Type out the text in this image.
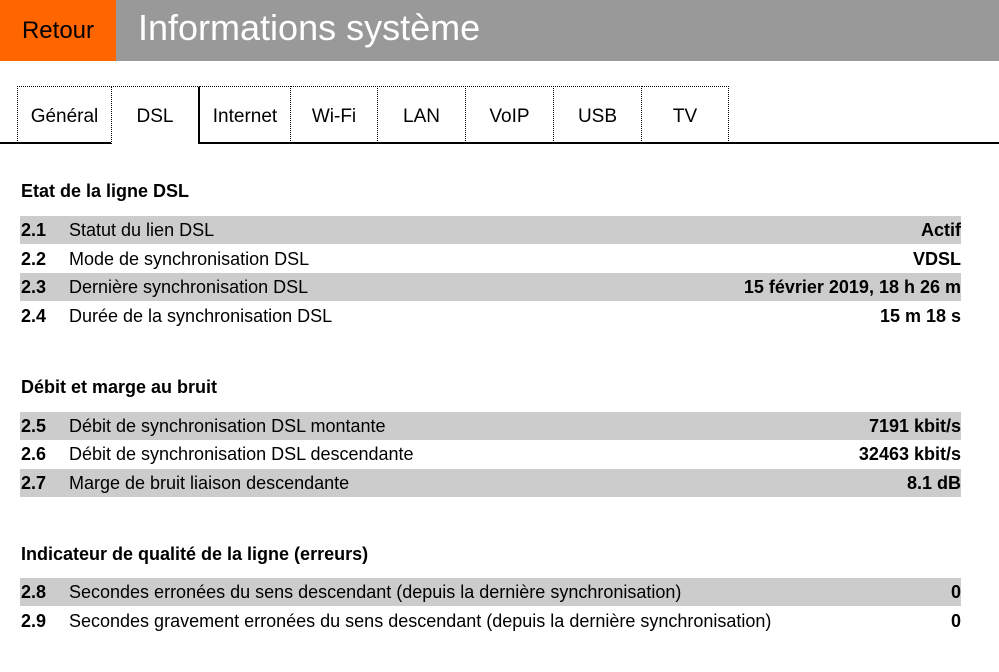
Retour	Informations système
Général	DSL	Internet	Wi-Fi	LAN	VoIP	USB	TV
Etat de la ligne DSL
2.1 Statut du lien DSL	Actif
2.2 Mode de synchronisation DSL	VDSL
2.3 Dernière synchronisation DSL	15 février 2019, 18 h 26 m
2.4 Durée de la synchronisation DSL	15 m 18 s
Débit et marge au bruit
2.5 Débit de synchronisation DSL montante	7191 kbit/s
2.6 Débit de synchronisation DSL descendante	32463 kbit/s
2.7 Marge de bruit liaison descendante	8.1 dB
Indicateur de qualité de la ligne (erreurs)
2.8 Secondes erronées du sens descendant (depuis la dernière synchronisation)	0
2.9 Secondes gravement erronées du sens descendant (depuis la dernière synchronisation)	0
